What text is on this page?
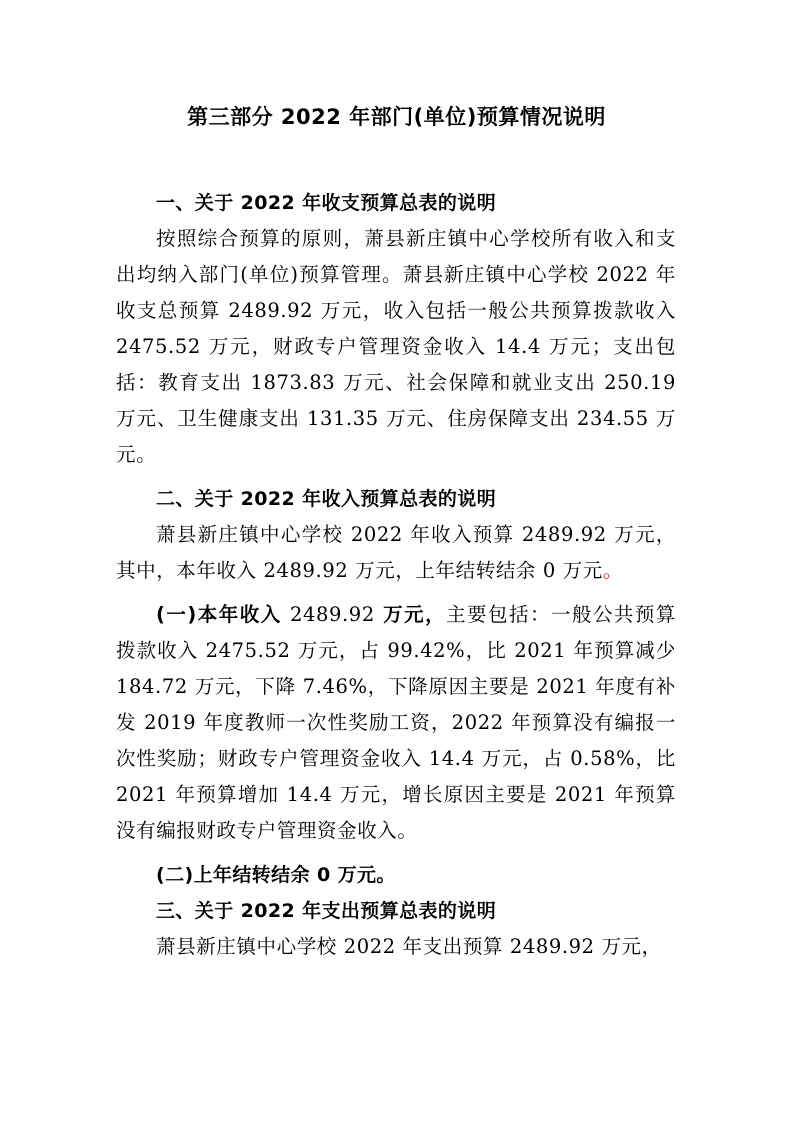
第三部分 2022 年部门(单位)预算情况说明

一、关于 2022 年收支预算总表的说明

按照综合预算的原则，萧县新庄镇中心学校所有收入和支出均纳入部门(单位)预算管理。萧县新庄镇中心学校 2022 年收支总预算 2489.92 万元，收入包括一般公共预算拨款收入 2475.52 万元，财政专户管理资金收入 14.4 万元；支出包括：教育支出 1873.83 万元、社会保障和就业支出 250.19 万元、卫生健康支出 131.35 万元、住房保障支出 234.55 万元。

二、关于 2022 年收入预算总表的说明

萧县新庄镇中心学校 2022 年收入预算 2489.92 万元，其中，本年收入 2489.92 万元，上年结转结余 0 万元。

(一)本年收入 2489.92 万元，主要包括：一般公共预算拨款收入 2475.52 万元，占 99.42%，比 2021 年预算减少 184.72 万元，下降 7.46%，下降原因主要是 2021 年度有补发 2019 年度教师一次性奖励工资，2022 年预算没有编报一次性奖励；财政专户管理资金收入 14.4 万元，占 0.58%，比 2021 年预算增加 14.4 万元，增长原因主要是 2021 年预算没有编报财政专户管理资金收入。

(二)上年结转结余 0 万元。

三、关于 2022 年支出预算总表的说明

萧县新庄镇中心学校 2022 年支出预算 2489.92 万元，
